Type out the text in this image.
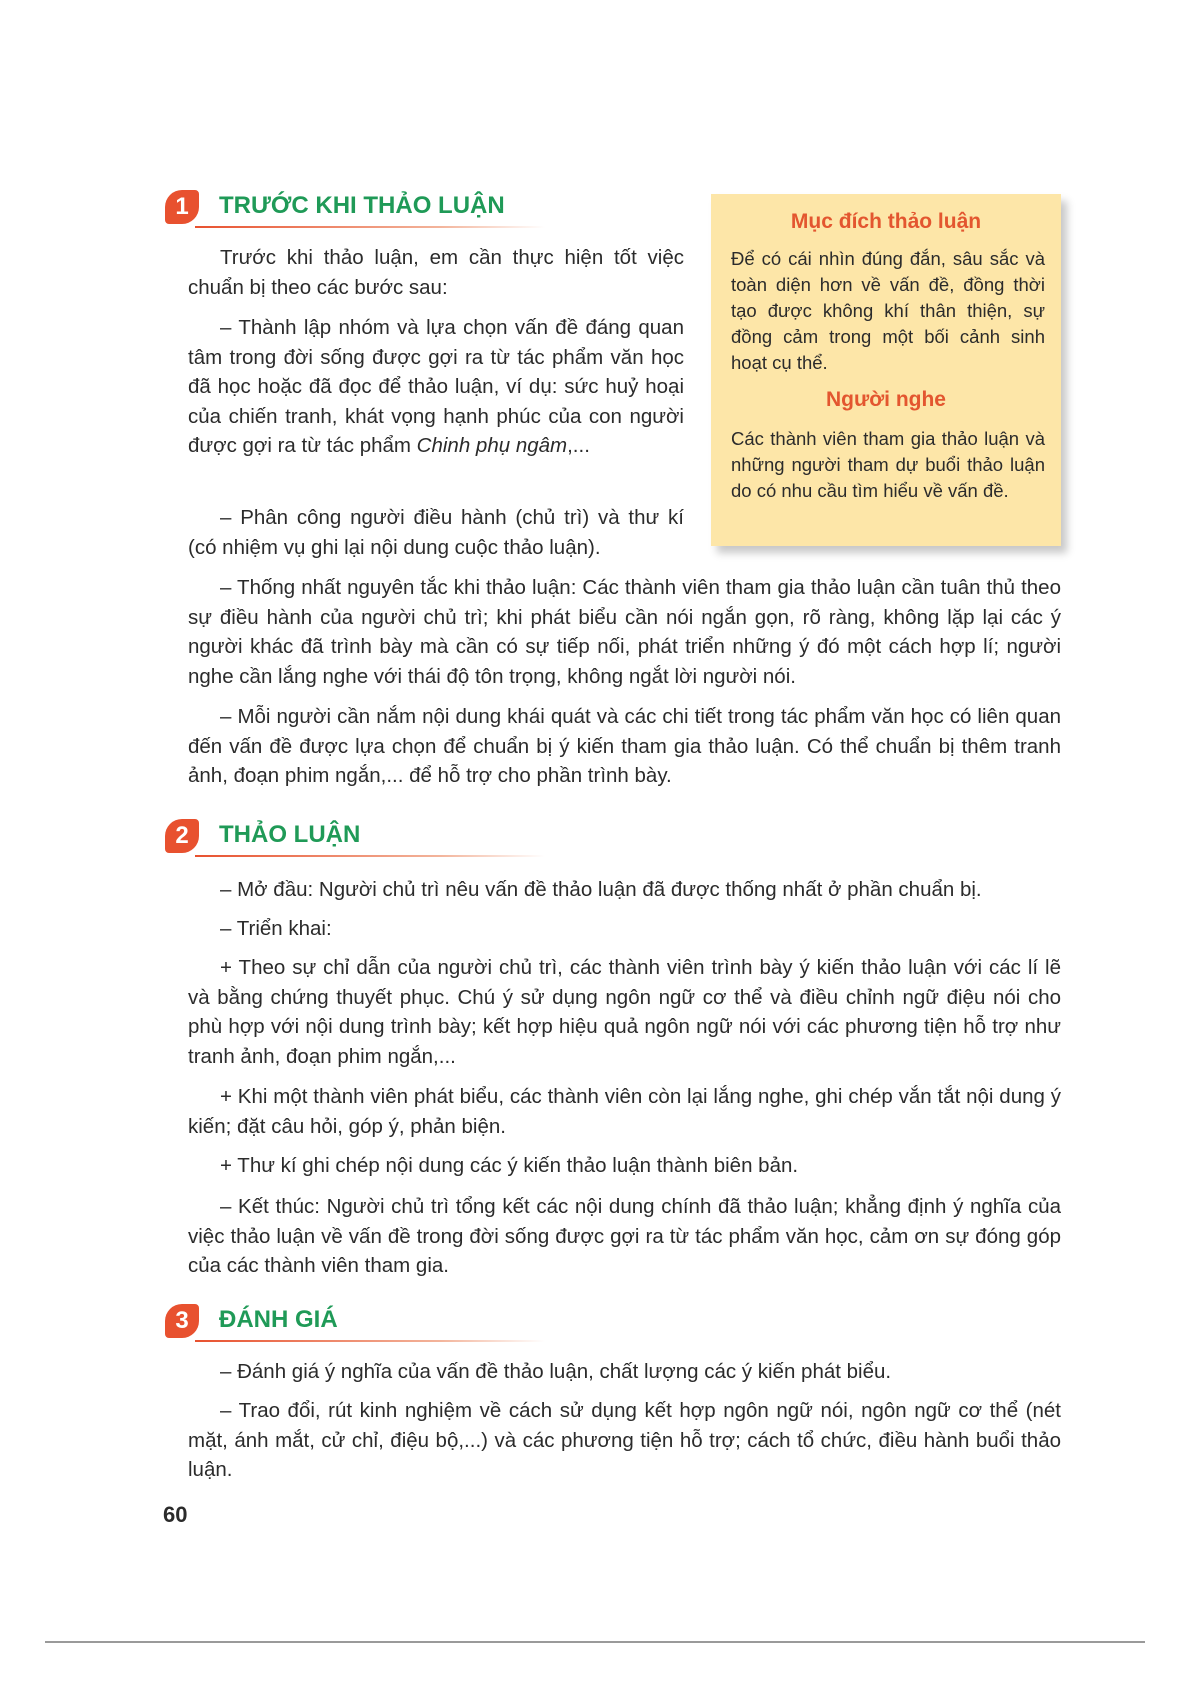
1	TRƯỚC KHI THẢO LUẬN

Trước khi thảo luận, em cần thực hiện tốt việc chuẩn bị theo các bước sau:

– Thành lập nhóm và lựa chọn vấn đề đáng quan tâm trong đời sống được gợi ra từ tác phẩm văn học đã học hoặc đã đọc để thảo luận, ví dụ: sức huỷ hoại của chiến tranh, khát vọng hạnh phúc của con người được gợi ra từ tác phẩm Chinh phụ ngâm,...

– Phân công người điều hành (chủ trì) và thư kí (có nhiệm vụ ghi lại nội dung cuộc thảo luận).

Mục đích thảo luận

Để có cái nhìn đúng đắn, sâu sắc và toàn diện hơn về vấn đề, đồng thời tạo được không khí thân thiện, sự đồng cảm trong một bối cảnh sinh hoạt cụ thể.

Người nghe

Các thành viên tham gia thảo luận và những người tham dự buổi thảo luận do có nhu cầu tìm hiểu về vấn đề.

– Thống nhất nguyên tắc khi thảo luận: Các thành viên tham gia thảo luận cần tuân thủ theo sự điều hành của người chủ trì; khi phát biểu cần nói ngắn gọn, rõ ràng, không lặp lại các ý người khác đã trình bày mà cần có sự tiếp nối, phát triển những ý đó một cách hợp lí; người nghe cần lắng nghe với thái độ tôn trọng, không ngắt lời người nói.

– Mỗi người cần nắm nội dung khái quát và các chi tiết trong tác phẩm văn học có liên quan đến vấn đề được lựa chọn để chuẩn bị ý kiến tham gia thảo luận. Có thể chuẩn bị thêm tranh ảnh, đoạn phim ngắn,... để hỗ trợ cho phần trình bày.

2	THẢO LUẬN

– Mở đầu: Người chủ trì nêu vấn đề thảo luận đã được thống nhất ở phần chuẩn bị.

– Triển khai:

+ Theo sự chỉ dẫn của người chủ trì, các thành viên trình bày ý kiến thảo luận với các lí lẽ và bằng chứng thuyết phục. Chú ý sử dụng ngôn ngữ cơ thể và điều chỉnh ngữ điệu nói cho phù hợp với nội dung trình bày; kết hợp hiệu quả ngôn ngữ nói với các phương tiện hỗ trợ như tranh ảnh, đoạn phim ngắn,...

+ Khi một thành viên phát biểu, các thành viên còn lại lắng nghe, ghi chép vắn tắt nội dung ý kiến; đặt câu hỏi, góp ý, phản biện.

+ Thư kí ghi chép nội dung các ý kiến thảo luận thành biên bản.

– Kết thúc: Người chủ trì tổng kết các nội dung chính đã thảo luận; khẳng định ý nghĩa của việc thảo luận về vấn đề trong đời sống được gợi ra từ tác phẩm văn học, cảm ơn sự đóng góp của các thành viên tham gia.

3	ĐÁNH GIÁ

– Đánh giá ý nghĩa của vấn đề thảo luận, chất lượng các ý kiến phát biểu.

– Trao đổi, rút kinh nghiệm về cách sử dụng kết hợp ngôn ngữ nói, ngôn ngữ cơ thể (nét mặt, ánh mắt, cử chỉ, điệu bộ,...) và các phương tiện hỗ trợ; cách tổ chức, điều hành buổi thảo luận.

60
